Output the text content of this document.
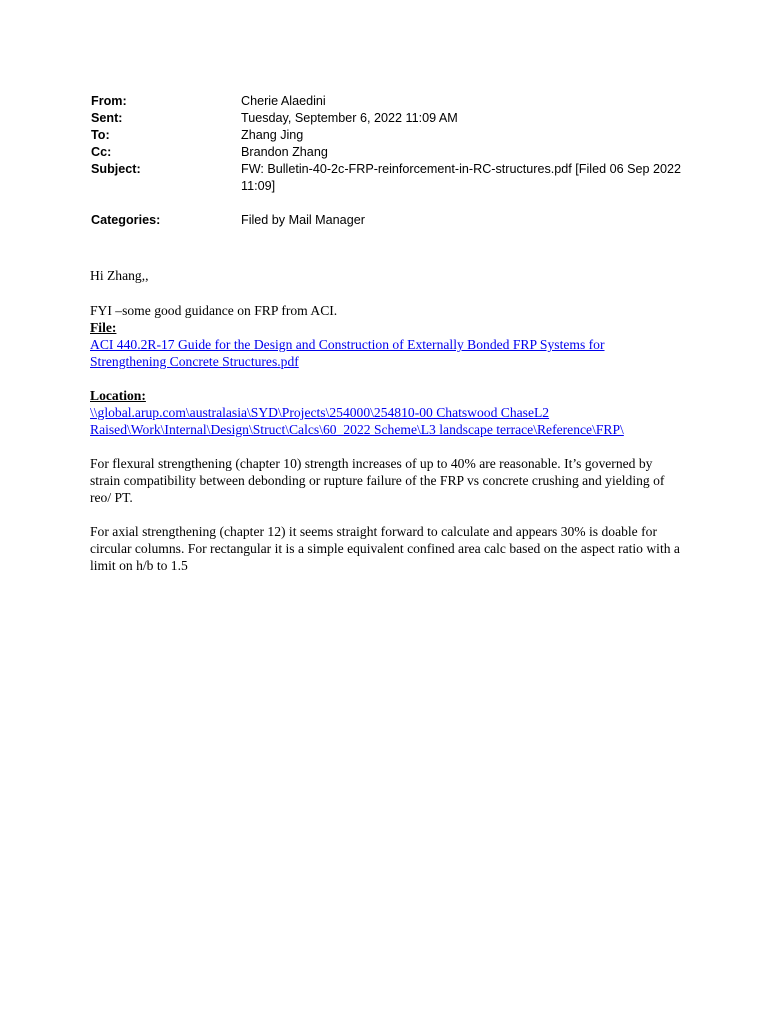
From:	Cherie Alaedini
Sent:	Tuesday, September 6, 2022 11:09 AM
To:	Zhang Jing
Cc:	Brandon Zhang
Subject:	FW: Bulletin-40-2c-FRP-reinforcement-in-RC-structures.pdf [Filed 06 Sep 2022 11:09]
Categories:	Filed by Mail Manager

Hi Zhang,,

FYI –some good guidance on FRP from ACI.

File:

ACI 440.2R-17 Guide for the Design and Construction of Externally Bonded FRP Systems for Strengthening Concrete Structures.pdf

Location:

\\global.arup.com\australasia\SYD\Projects\254000\254810-00 Chatswood ChaseL2 Raised\Work\Internal\Design\Struct\Calcs\60_2022 Scheme\L3 landscape terrace\Reference\FRP\

For flexural strengthening (chapter 10) strength increases of up to 40% are reasonable. It’s governed by strain compatibility between debonding or rupture failure of the FRP vs concrete crushing and yielding of reo/ PT.

For axial strengthening (chapter 12) it seems straight forward to calculate and appears 30% is doable for circular columns. For rectangular it is a simple equivalent confined area calc based on the aspect ratio with a limit on h/b to 1.5
